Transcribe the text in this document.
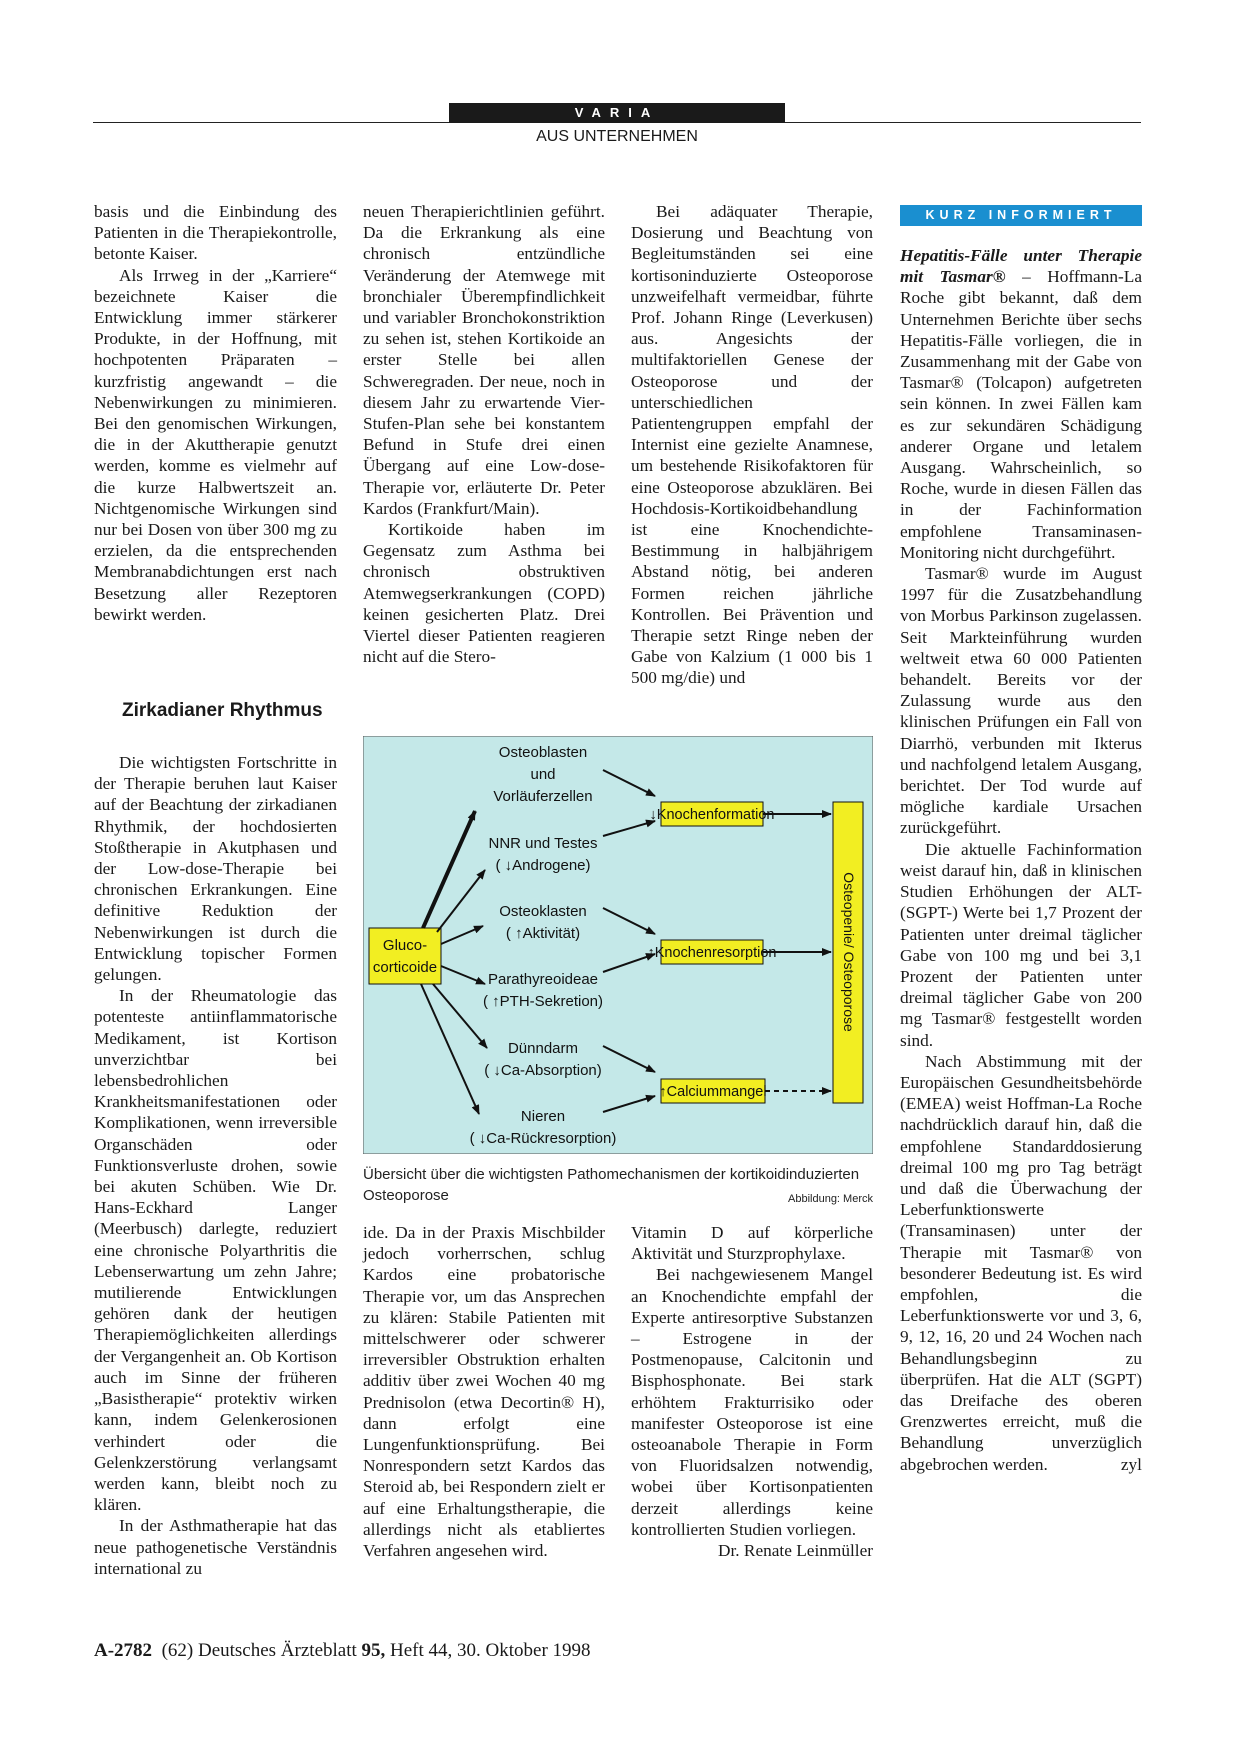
VARIA
AUS UNTERNEHMEN

basis und die Einbindung des Patienten in die Therapiekontrolle, betonte Kaiser.

Als Irrweg in der „Karriere“ bezeichnete Kaiser die Entwicklung immer stärkerer Produkte, in der Hoffnung, mit hochpotenten Präparaten – kurzfristig angewandt – die Nebenwirkungen zu minimieren. Bei den genomischen Wirkungen, die in der Akuttherapie genutzt werden, komme es vielmehr auf die kurze Halbwertszeit an. Nichtgenomische Wirkungen sind nur bei Dosen von über 300 mg zu erzielen, da die entsprechenden Membranabdichtungen erst nach Besetzung aller Rezeptoren bewirkt werden.

Zirkadianer Rhythmus

Die wichtigsten Fortschritte in der Therapie beruhen laut Kaiser auf der Beachtung der zirkadianen Rhythmik, der hochdosierten Stoßtherapie in Akutphasen und der Low-dose-Therapie bei chronischen Erkrankungen. Eine definitive Reduktion der Nebenwirkungen ist durch die Entwicklung topischer Formen gelungen.

In der Rheumatologie das potenteste antiinflammatorische Medikament, ist Kortison unverzichtbar bei lebensbedrohlichen Krankheitsmanifestationen oder Komplikationen, wenn irreversible Organschäden oder Funktionsverluste drohen, sowie bei akuten Schüben. Wie Dr. Hans-Eckhard Langer (Meerbusch) darlegte, reduziert eine chronische Polyarthritis die Lebenserwartung um zehn Jahre; mutilierende Entwicklungen gehören dank der heutigen Therapiemöglichkeiten allerdings der Vergangenheit an. Ob Kortison auch im Sinne der früheren „Basistherapie“ protektiv wirken kann, indem Gelenkerosionen verhindert oder die Gelenkzerstörung verlangsamt werden kann, bleibt noch zu klären.

In der Asthmatherapie hat das neue pathogenetische Verständnis international zu

neuen Therapierichtlinien geführt. Da die Erkrankung als eine chronisch entzündliche Veränderung der Atemwege mit bronchialer Überempfindlichkeit und variabler Bronchokonstriktion zu sehen ist, stehen Kortikoide an erster Stelle bei allen Schweregraden. Der neue, noch in diesem Jahr zu erwartende Vier-Stufen-Plan sehe bei konstantem Befund in Stufe drei einen Übergang auf eine Low-dose-Therapie vor, erläuterte Dr. Peter Kardos (Frankfurt/Main).

Kortikoide haben im Gegensatz zum Asthma bei chronisch obstruktiven Atemwegserkrankungen (COPD) keinen gesicherten Platz. Drei Viertel dieser Patienten reagieren nicht auf die Stero-

ide. Da in der Praxis Mischbilder jedoch vorherrschen, schlug Kardos eine probatorische Therapie vor, um das Ansprechen zu klären: Stabile Patienten mit mittelschwerer oder schwerer irreversibler Obstruktion erhalten additiv über zwei Wochen 40 mg Prednisolon (etwa Decortin® H), dann erfolgt eine Lungenfunktionsprüfung. Bei Nonrespondern setzt Kardos das Steroid ab, bei Respondern zielt er auf eine Erhaltungstherapie, die allerdings nicht als etabliertes Verfahren angesehen wird.

Bei adäquater Therapie, Dosierung und Beachtung von Begleitumständen sei eine kortisoninduzierte Osteoporose unzweifelhaft vermeidbar, führte Prof. Johann Ringe (Leverkusen) aus. Angesichts der multifaktoriellen Genese der Osteoporose und der unterschiedlichen Patientengruppen empfahl der Internist eine gezielte Anamnese, um bestehende Risikofaktoren für eine Osteoporose abzuklären. Bei Hochdosis-Kortikoidbehandlung ist eine Knochendichte-Bestimmung in halbjährigem Abstand nötig, bei anderen Formen reichen jährliche Kontrollen. Bei Prävention und Therapie setzt Ringe neben der Gabe von Kalzium (1 000 bis 1 500 mg/die) und

Vitamin D auf körperliche Aktivität und Sturzprophylaxe.

Bei nachgewiesenem Mangel an Knochendichte empfahl der Experte antiresorptive Substanzen – Estrogene in der Postmenopause, Calcitonin und Bisphosphonate. Bei stark erhöhtem Frakturrisiko oder manifester Osteoporose ist eine osteoanabole Therapie in Form von Fluoridsalzen notwendig, wobei über Kortisonpatienten derzeit allerdings keine kontrollierten Studien vorliegen.
Dr. Renate Leinmüller

KURZ INFORMIERT

Hepatitis-Fälle unter Therapie mit Tasmar® – Hoffmann-La Roche gibt bekannt, daß dem Unternehmen Berichte über sechs Hepatitis-Fälle vorliegen, die in Zusammenhang mit der Gabe von Tasmar® (Tolcapon) aufgetreten sein können. In zwei Fällen kam es zur sekundären Schädigung anderer Organe und letalem Ausgang. Wahrscheinlich, so Roche, wurde in diesen Fällen das in der Fachinformation empfohlene Transaminasen-Monitoring nicht durchgeführt.

Tasmar® wurde im August 1997 für die Zusatzbehandlung von Morbus Parkinson zugelassen. Seit Markteinführung wurden weltweit etwa 60 000 Patienten behandelt. Bereits vor der Zulassung wurde aus den klinischen Prüfungen ein Fall von Diarrhö, verbunden mit Ikterus und nachfolgend letalem Ausgang, berichtet. Der Tod wurde auf mögliche kardiale Ursachen zurückgeführt.

Die aktuelle Fachinformation weist darauf hin, daß in klinischen Studien Erhöhungen der ALT-(SGPT-) Werte bei 1,7 Prozent der Patienten unter dreimal täglicher Gabe von 100 mg und bei 3,1 Prozent der Patienten unter dreimal täglicher Gabe von 200 mg Tasmar® festgestellt worden sind.

Nach Abstimmung mit der Europäischen Gesundheitsbehörde (EMEA) weist Hoffman-La Roche nachdrücklich darauf hin, daß die empfohlene Standarddosierung dreimal 100 mg pro Tag beträgt und daß die Überwachung der Leberfunktionswerte (Transaminasen) unter der Therapie mit Tasmar® von besonderer Bedeutung ist. Es wird empfohlen, die Leberfunktionswerte vor und 3, 6, 9, 12, 16, 20 und 24 Wochen nach Behandlungsbeginn zu überprüfen. Hat die ALT (SGPT) das Dreifache des oberen Grenzwertes erreicht, muß die Behandlung unverzüglich abgebrochen werden.	zyl

Gluco-
corticoide
Osteoblasten
und
Vorläuferzellen
NNR und Testes
( ↓Androgene)
Osteoklasten
( ↑Aktivität)
Parathyreoideae
( ↑PTH-Sekretion)
Dünndarm
( ↓Ca-Absorption)
Nieren
( ↓Ca-Rückresorption)
↓Knochenformation
↑Knochenresorption
↑Calciummangel
Osteopenie/ Osteoporose
Übersicht über die wichtigsten Pathomechanismen der kortikoidinduzierten Osteoporose	Abbildung: Merck
A-2782 (62) Deutsches Ärzteblatt 95, Heft 44, 30. Oktober 1998
